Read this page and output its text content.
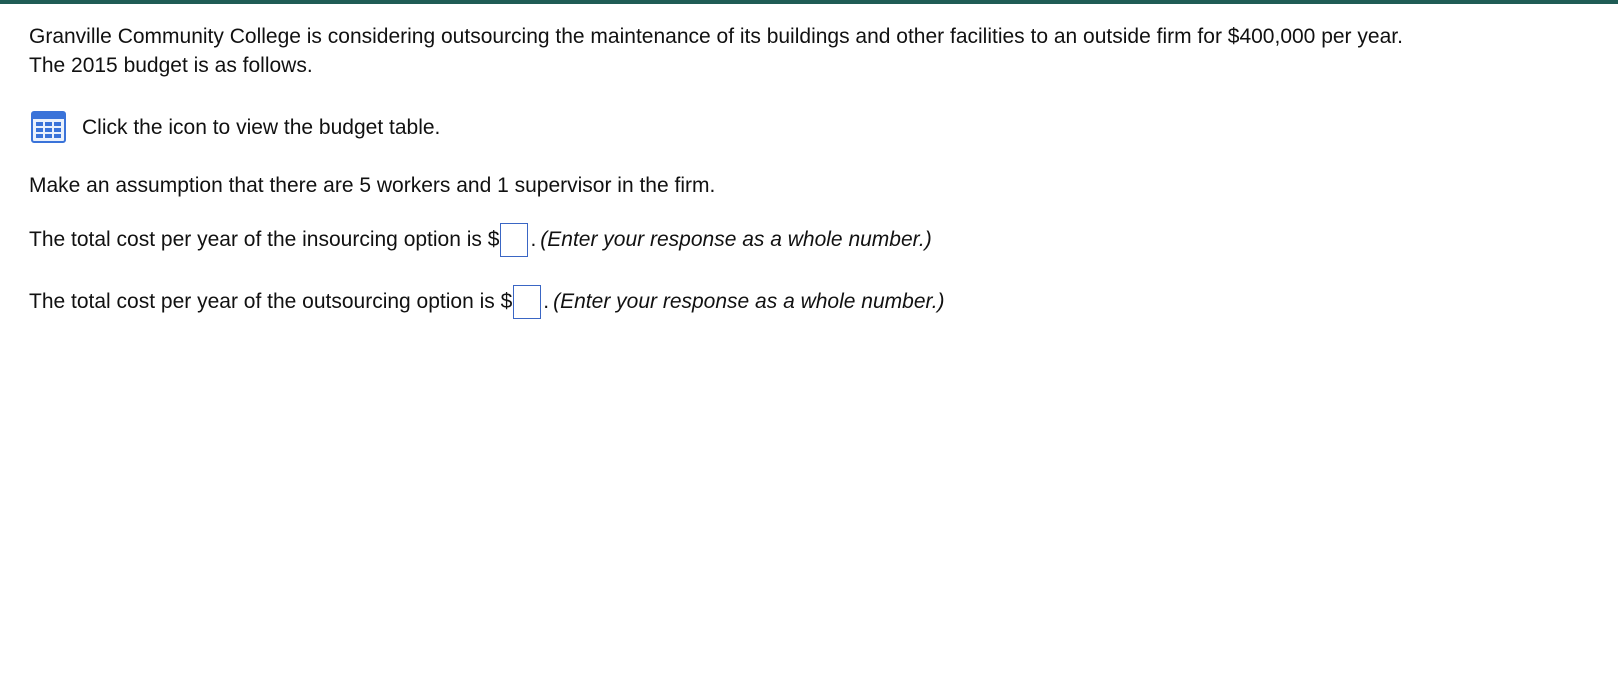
Granville Community College is considering outsourcing the maintenance of its buildings and other facilities to an outside firm for $400,000 per year.
The 2015 budget is as follows.

Click the icon to view the budget table.

Make an assumption that there are 5 workers and 1 supervisor in the firm.

The total cost per year of the insourcing option is $ . (Enter your response as a whole number.)
The total cost per year of the outsourcing option is $ . (Enter your response as a whole number.)
